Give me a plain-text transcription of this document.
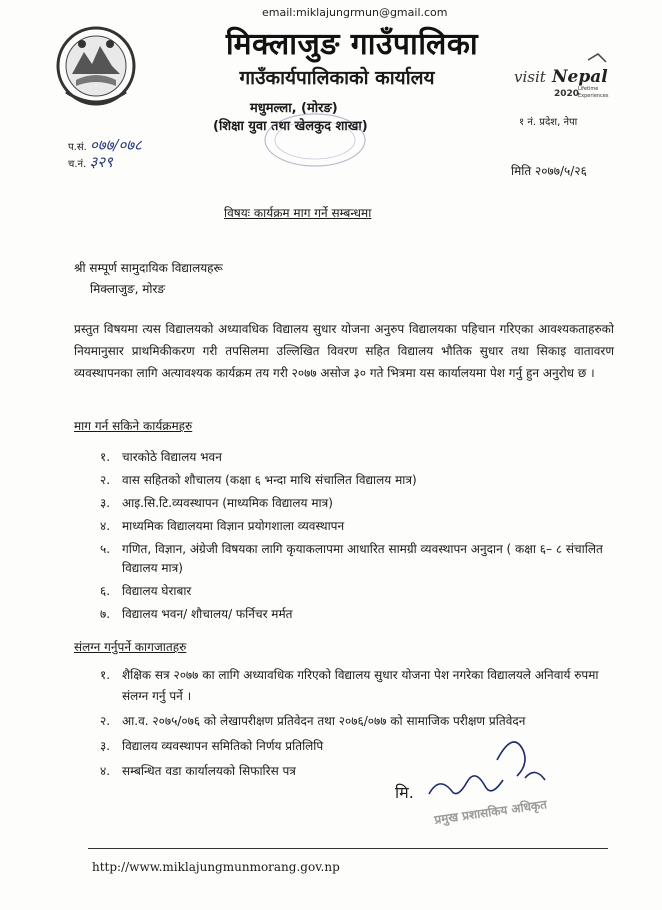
email:miklajungrmun@gmail.com
मिक्लाजुङ गाउँपालिका
गाउँकार्यपालिकाको कार्यालय
मधुमल्ला, (मोरङ)
(शिक्षा युवा तथा खेलकुद शाखा)	१ नं. प्रदेश, नेपा
visit Nepal
2020
Lifetime
Experiences
प.सं. ०७७/०७८
च.नं. ३२९	मिति २०७७/५/२६
विषयः कार्यक्रम माग गर्ने सम्बन्धमा
श्री सम्पूर्ण सामुदायिक विद्यालयहरू
मिक्लाजुङ, मोरङ
प्रस्तुत विषयमा त्यस विद्यालयको अध्यावधिक विद्यालय सुधार योजना अनुरुप विद्यालयका पहिचान गरिएका आवश्यकताहरुको नियमानुसार प्राथमिकीकरण गरी तपसिलमा उल्लिखित विवरण सहित विद्यालय भौतिक सुधार तथा सिकाइ वातावरण व्यवस्थापनका लागि अत्यावश्यक कार्यक्रम तय गरी २०७७ असोज ३० गते भित्रमा यस कार्यालयमा पेश गर्नु हुन अनुरोध छ ।
माग गर्न सकिने कार्यक्रमहरु
१. चारकोठे विद्यालय भवन
२. वास सहितको शौचालय (कक्षा ६ भन्दा माथि संचालित विद्यालय मात्र)
३. आइ.सि.टि.व्यवस्थापन (माध्यमिक विद्यालय मात्र)
४. माध्यमिक विद्यालयमा विज्ञान प्रयोगशाला व्यवस्थापन
५. गणित, विज्ञान, अंग्रेजी विषयका लागि कृयाकलापमा आधारित सामग्री व्यवस्थापन अनुदान ( कक्षा ६– ८ संचालित विद्यालय मात्र)
६. विद्यालय घेराबार
७. विद्यालय भवन/ शौचालय/ फर्निचर मर्मत
संलग्न गर्नुपर्ने कागजातहरु
१. शैक्षिक सत्र २०७७ का लागि अध्यावधिक गरिएको विद्यालय सुधार योजना पेश नगरेका विद्यालयले अनिवार्य रुपमा संलग्न गर्नु पर्ने ।
२. आ.व. २०७५/०७६ को लेखापरीक्षण प्रतिवेदन तथा २०७६/०७७ को सामाजिक परीक्षण प्रतिवेदन
३. विद्यालय व्यवस्थापन समितिको निर्णय प्रतिलिपि
४. सम्बन्धित वडा कार्यालयको सिफारिस पत्र
मि.
प्रमुख प्रशासकिय अधिकृत
http://www.miklajungmunmorang.gov.np
